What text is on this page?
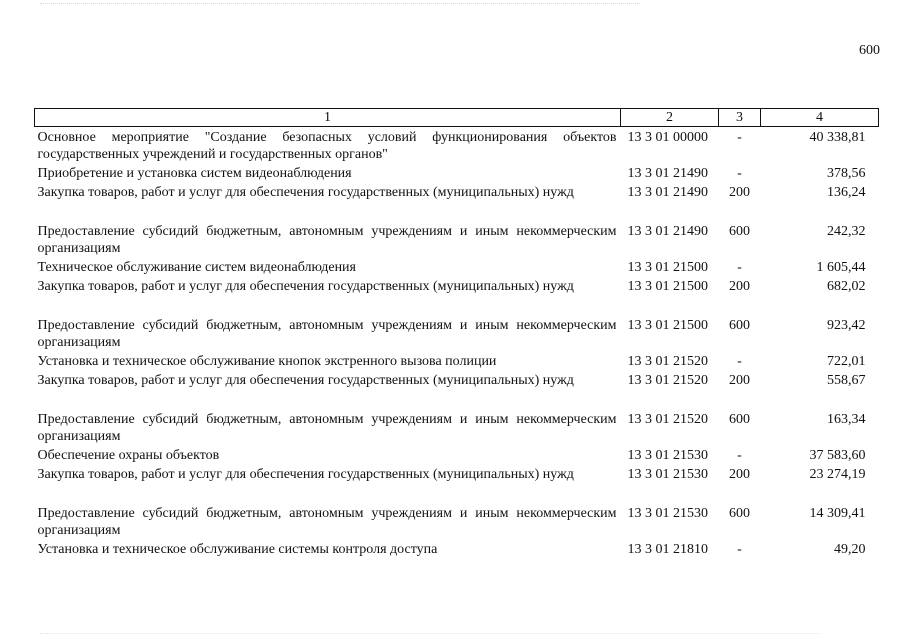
600
1	2	3	4
Основное мероприятие "Создание безопасных условий функционирования объектов государственных учреждений и государственных органов"	13 3 01 00000	-	40 338,81
Приобретение и установка систем видеонаблюдения	13 3 01 21490	-	378,56
Закупка товаров, работ и услуг для обеспечения государственных (муниципальных) нужд	13 3 01 21490	200	136,24
Предоставление субсидий бюджетным, автономным учреждениям и иным некоммерческим организациям	13 3 01 21490	600	242,32
Техническое обслуживание систем видеонаблюдения	13 3 01 21500	-	1 605,44
Закупка товаров, работ и услуг для обеспечения государственных (муниципальных) нужд	13 3 01 21500	200	682,02
Предоставление субсидий бюджетным, автономным учреждениям и иным некоммерческим организациям	13 3 01 21500	600	923,42
Установка и техническое обслуживание кнопок экстренного вызова полиции	13 3 01 21520	-	722,01
Закупка товаров, работ и услуг для обеспечения государственных (муниципальных) нужд	13 3 01 21520	200	558,67
Предоставление субсидий бюджетным, автономным учреждениям и иным некоммерческим организациям	13 3 01 21520	600	163,34
Обеспечение охраны объектов	13 3 01 21530	-	37 583,60
Закупка товаров, работ и услуг для обеспечения государственных (муниципальных) нужд	13 3 01 21530	200	23 274,19
Предоставление субсидий бюджетным, автономным учреждениям и иным некоммерческим организациям	13 3 01 21530	600	14 309,41
Установка и техническое обслуживание системы контроля доступа	13 3 01 21810	-	49,20
